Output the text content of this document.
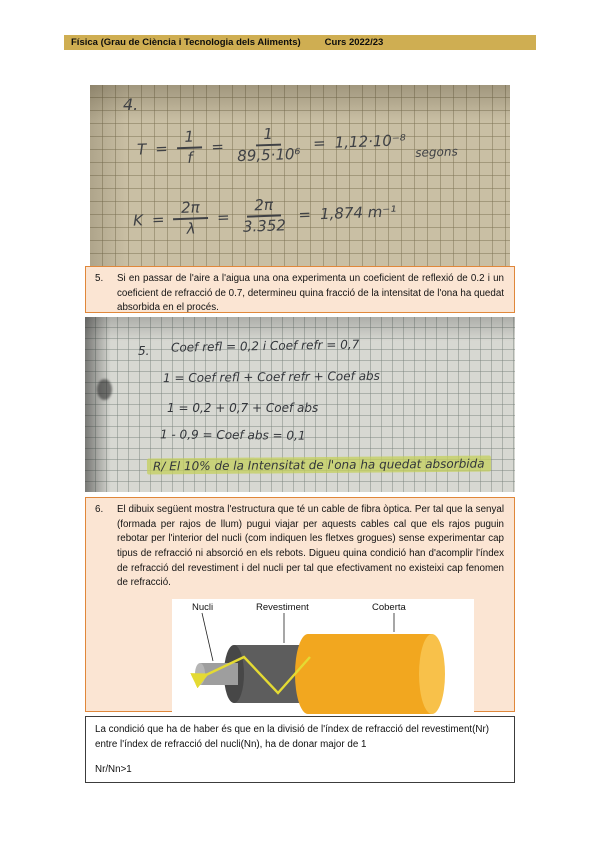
Física (Grau de Ciència i Tecnologia dels Aliments)	Curs 2022/23
4.
$T = \frac{1}{f} = \frac{1}{\text{89,5·10⁶}} = 1,12\cdot 10^{-8}$ segons
$K = \frac{2\pi}{\lambda} = \frac{2\pi}{3.352} = 1,874$ m⁻¹
5.	Si en passar de l'aire a l'aigua una ona experimenta un coeficient de reflexió de 0.2 i un coeficient de refracció de 0.7, determineu quina fracció de la intensitat de l'ona ha quedat absorbida en el procés.
5. Coef refl = 0,2 i Coef refr = 0,7
1 = Coef refl + Coef refr + Coef abs
1 = 0,2 + 0,7 + Coef abs
1 - 0,9 = Coef abs = 0,1
R/ El 10% de la Intensitat de l'ona ha quedat absorbida
6.	El dibuix següent mostra l'estructura que té un cable de fibra òptica. Per tal que la senyal (formada per rajos de llum) pugui viajar per aquests cables cal que els rajos puguin rebotar per l'interior del nucli (com indiquen les fletxes grogues) sense experimentar cap tipus de refracció ni absorció en els rebots. Digueu quina condició han d'acomplir l'índex de refracció del revestiment i del nucli per tal que efectivament no existeixi cap fenomen de refracció.
Nucli	Revestiment	Coberta
La condició que ha de haber és que en la divisió de l'índex de refracció del revestiment(Nr) entre l'índex de refracció del nucli(Nn), ha de donar major de 1
Nr/Nn>1
